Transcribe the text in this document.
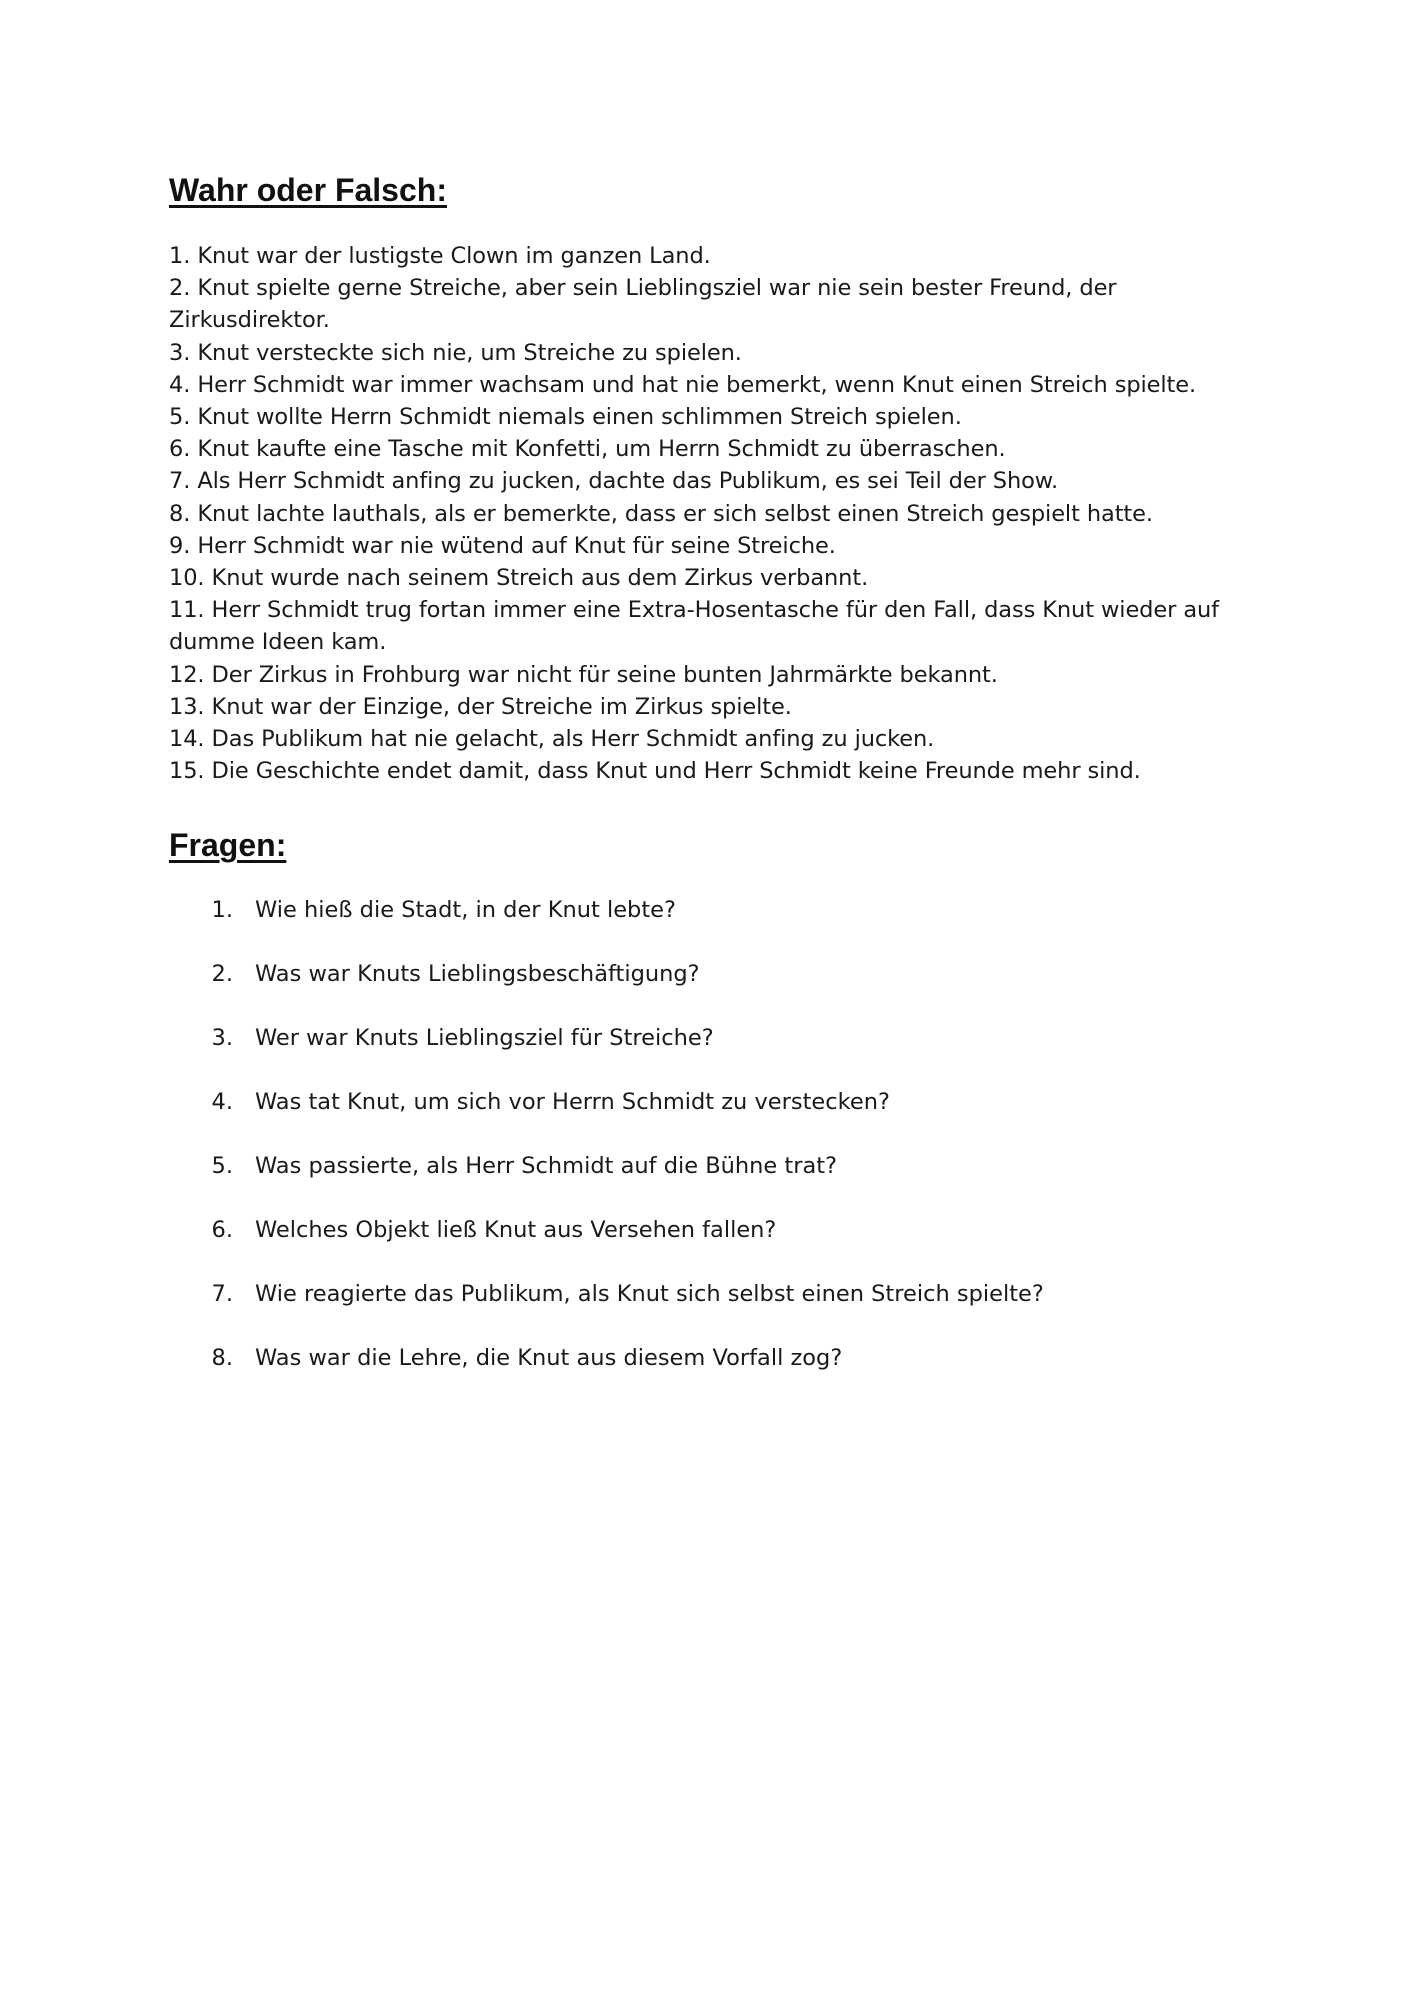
Wahr oder Falsch:
1. Knut war der lustigste Clown im ganzen Land.
2. Knut spielte gerne Streiche, aber sein Lieblingsziel war nie sein bester Freund, der Zirkusdirektor.
3. Knut versteckte sich nie, um Streiche zu spielen.
4. Herr Schmidt war immer wachsam und hat nie bemerkt, wenn Knut einen Streich spielte.
5. Knut wollte Herrn Schmidt niemals einen schlimmen Streich spielen.
6. Knut kaufte eine Tasche mit Konfetti, um Herrn Schmidt zu überraschen.
7. Als Herr Schmidt anfing zu jucken, dachte das Publikum, es sei Teil der Show.
8. Knut lachte lauthals, als er bemerkte, dass er sich selbst einen Streich gespielt hatte.
9. Herr Schmidt war nie wütend auf Knut für seine Streiche.
10. Knut wurde nach seinem Streich aus dem Zirkus verbannt.
11. Herr Schmidt trug fortan immer eine Extra-Hosentasche für den Fall, dass Knut wieder auf dumme Ideen kam.
12. Der Zirkus in Frohburg war nicht für seine bunten Jahrmärkte bekannt.
13. Knut war der Einzige, der Streiche im Zirkus spielte.
14. Das Publikum hat nie gelacht, als Herr Schmidt anfing zu jucken.
15. Die Geschichte endet damit, dass Knut und Herr Schmidt keine Freunde mehr sind.
Fragen:
1. Wie hieß die Stadt, in der Knut lebte?
2. Was war Knuts Lieblingsbeschäftigung?
3. Wer war Knuts Lieblingsziel für Streiche?
4. Was tat Knut, um sich vor Herrn Schmidt zu verstecken?
5. Was passierte, als Herr Schmidt auf die Bühne trat?
6. Welches Objekt ließ Knut aus Versehen fallen?
7. Wie reagierte das Publikum, als Knut sich selbst einen Streich spielte?
8. Was war die Lehre, die Knut aus diesem Vorfall zog?
